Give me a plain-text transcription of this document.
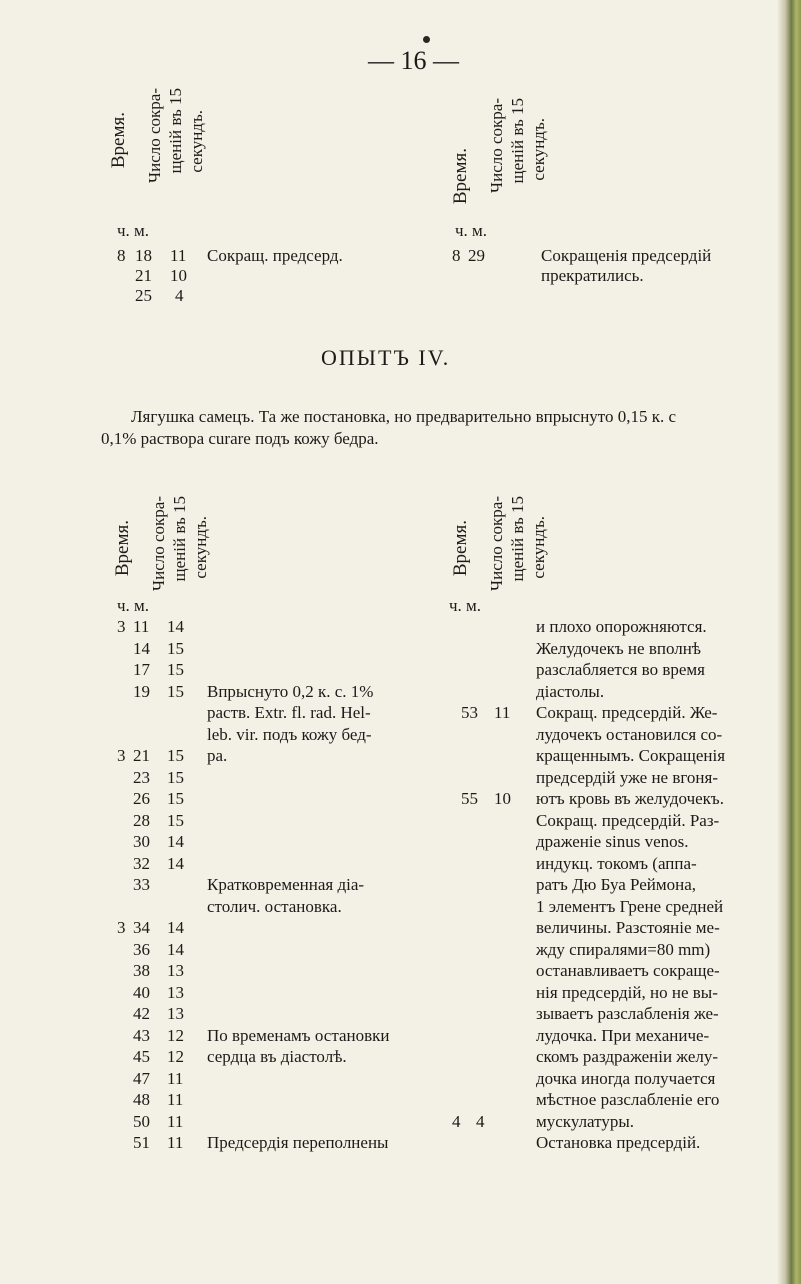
— 16 —
Время. Число сокра- щеній въ 15 секундъ.
ч. м.
8 18 11 Сокращ. предсерд.
21 10
25 4
Время. Число сокра- щеній въ 15 секундъ.
ч. м.
8 29	Сокращенія предсердій
прекратились.
ОПЫТЪ IV.
Лягушка самецъ. Та же постановка, но предварительно впрыснуто 0,15 к. с
0,1% раствора curare подъ кожу бедра.
Время. Число сокра- щеній въ 15 секундъ.
ч. м.
Время. Число сокра- щеній въ 15 секундъ.
ч. м.
3 11 14
14 15
17 15
19 15
3 21 15
23 15
26 15
28 15
30 14
32 14
33
3 34 14
36 14
38 13
40 13
42 13
43 12
45 12
47 11
48 11
50 11
51 11
Впрыснуто 0,2 к. с. 1%
раств. Extr. fl. rad. Hel-
leb. vir. подъ кожу бед-
ра.
Кратковременная діа-
столич. остановка.
По временамъ остановки
сердца въ діастолѣ.
Предсердія переполнены
53 11
55 10
4 4
и плохо опорожняются.
Желудочекъ не вполнѣ
разслабляется во время
діастолы.
Сокращ. предсердій. Же-
лудочекъ остановился со-
кращеннымъ. Сокращенія
предсердій уже не вгоня-
ютъ кровь въ желудочекъ.
Сокращ. предсердій. Раз-
драженіе sinus venos.
индукц. токомъ (аппа-
ратъ Дю Буа Реймона,
1 элементъ Грене средней
величины. Разстояніе ме-
жду спиралями=80 mm)
останавливаетъ сокраще-
нія предсердій, но не вы-
зываетъ разслабленія же-
лудочка. При механиче-
скомъ раздраженіи желу-
дочка иногда получается
мѣстное разслабленіе его
мускулатуры.
Остановка предсердій.
